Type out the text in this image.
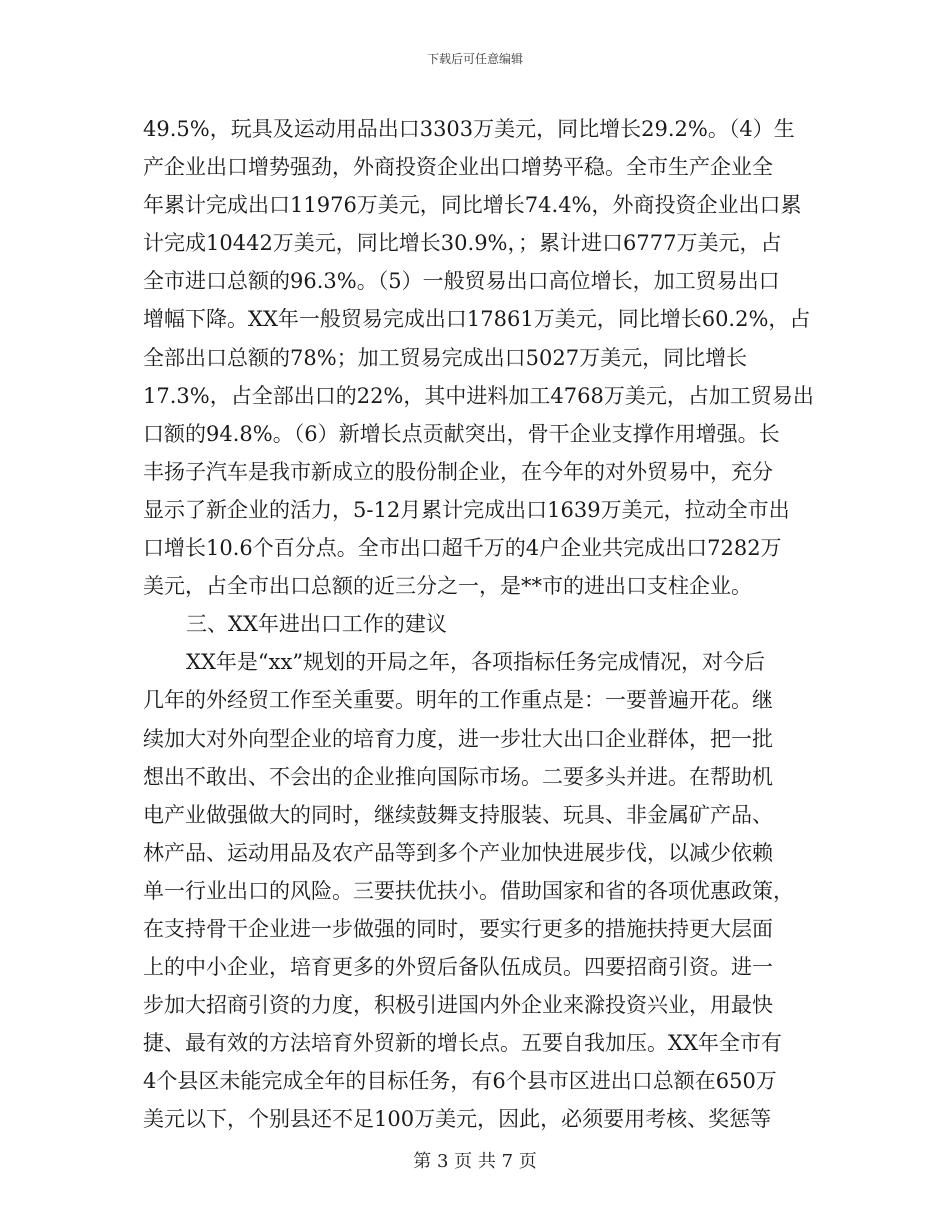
下载后可任意编辑
49.5%，玩具及运动用品出口3303万美元，同比增长29.2%。（4）生
产企业出口增势强劲，外商投资企业出口增势平稳。全市生产企业全
年累计完成出口11976万美元，同比增长74.4%，外商投资企业出口累
计完成10442万美元，同比增长30.9%，；累计进口6777万美元，占
全市进口总额的96.3%。（5）一般贸易出口高位增长，加工贸易出口
增幅下降。XX年一般贸易完成出口17861万美元，同比增长60.2%，占
全部出口总额的78%；加工贸易完成出口5027万美元，同比增长
17.3%，占全部出口的22%，其中进料加工4768万美元，占加工贸易出
口额的94.8%。（6）新增长点贡献突出，骨干企业支撑作用增强。长
丰扬子汽车是我市新成立的股份制企业，在今年的对外贸易中，充分
显示了新企业的活力，5-12月累计完成出口1639万美元，拉动全市出
口增长10.6个百分点。全市出口超千万的4户企业共完成出口7282万
美元，占全市出口总额的近三分之一，是**市的进出口支柱企业。
三、XX年进出口工作的建议
XX年是“xx”规划的开局之年，各项指标任务完成情况，对今后
几年的外经贸工作至关重要。明年的工作重点是：一要普遍开花。继
续加大对外向型企业的培育力度，进一步壮大出口企业群体，把一批
想出不敢出、不会出的企业推向国际市场。二要多头并进。在帮助机
电产业做强做大的同时，继续鼓舞支持服装、玩具、非金属矿产品、
林产品、运动用品及农产品等到多个产业加快进展步伐，以减少依赖
单一行业出口的风险。三要扶优扶小。借助国家和省的各项优惠政策，
在支持骨干企业进一步做强的同时，要实行更多的措施扶持更大层面
上的中小企业，培育更多的外贸后备队伍成员。四要招商引资。进一
步加大招商引资的力度，积极引进国内外企业来滁投资兴业，用最快
捷、最有效的方法培育外贸新的增长点。五要自我加压。XX年全市有
4个县区未能完成全年的目标任务，有6个县市区进出口总额在650万
美元以下，个别县还不足100万美元，因此，必须要用考核、奖惩等
第 3 页 共 7 页
